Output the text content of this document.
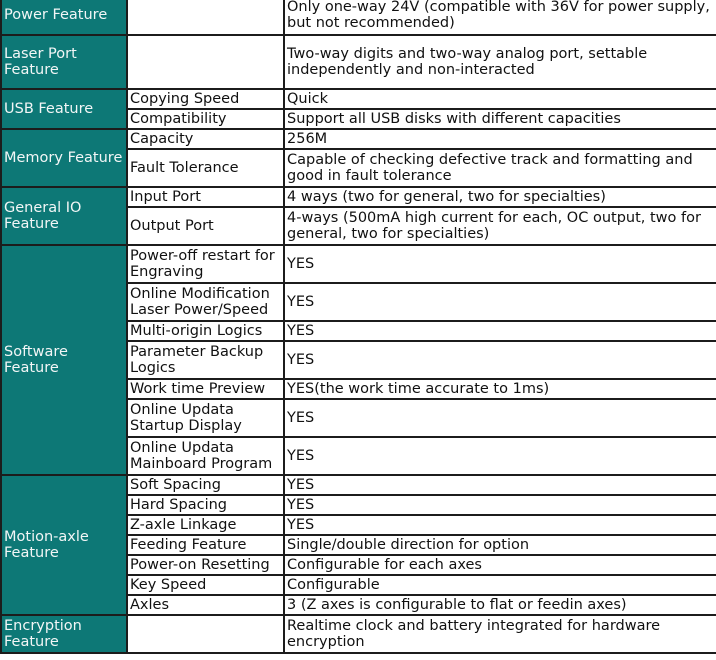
Power Feature		Only one-way 24V (compatible with 36V for power supply, but not recommended)
Laser Port Feature		Two-way digits and two-way analog port, settable independently and non-interacted
USB Feature	Copying Speed	Quick
	Compatibility	Support all USB disks with different capacities
Memory Feature	Capacity	256M
	Fault Tolerance	Capable of checking defective track and formatting and good in fault tolerance
General IO Feature	Input Port	4 ways (two for general, two for specialties)
	Output Port	4-ways (500mA high current for each, OC output, two for general, two for specialties)
Software Feature	Power-off restart for Engraving	YES
	Online Modification Laser Power/Speed	YES
	Multi-origin Logics	YES
	Parameter Backup Logics	YES
	Work time Preview	YES(the work time accurate to 1ms)
	Online Updata Startup Display	YES
	Online Updata Mainboard Program	YES
Motion-axle Feature	Soft Spacing	YES
	Hard Spacing	YES
	Z-axle Linkage	YES
	Feeding Feature	Single/double direction for option
	Power-on Resetting	Configurable for each axes
	Key Speed	Configurable
	Axles	3 (Z axes is configurable to flat or feedin axes)
Encryption Feature		Realtime clock and battery integrated for hardware encryption
